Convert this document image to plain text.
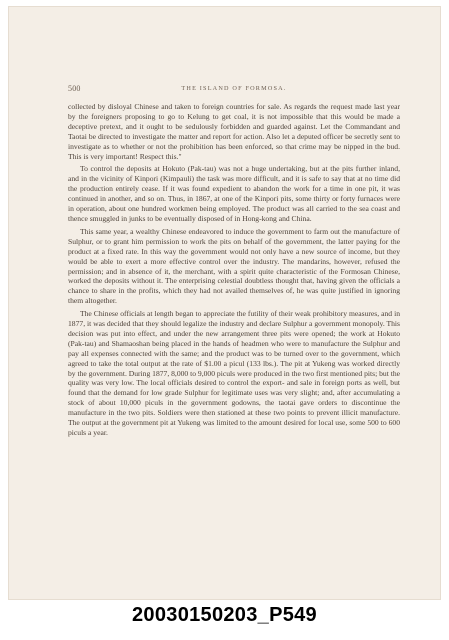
500	THE ISLAND OF FORMOSA.

collected by disloyal Chinese and taken to foreign countries for sale. As regards the request made last year by the foreigners proposing to go to Kelung to get coal, it is not impossible that this would be made a deceptive pretext, and it ought to be sedulously forbidden and guarded against. Let the Commandant and Taotai be directed to investigate the matter and report for action. Also let a deputed officer be secretly sent to investigate as to whether or not the prohibition has been enforced, so that crime may be nipped in the bud. This is very important! Respect this."

To control the deposits at Hokuto (Pak-tau) was not a huge undertaking, but at the pits further inland, and in the vicinity of Kinpori (Kimpauli) the task was more difficult, and it is safe to say that at no time did the production entirely cease. If it was found expedient to abandon the work for a time in one pit, it was continued in another, and so on. Thus, in 1867, at one of the Kinpori pits, some thirty or forty furnaces were in operation, about one hundred workmen being employed. The product was all carried to the sea coast and thence smuggled in junks to be eventually disposed of in Hong-kong and China.

This same year, a wealthy Chinese endeavored to induce the government to farm out the manufacture of Sulphur, or to grant him permission to work the pits on behalf of the government, the latter paying for the product at a fixed rate. In this way the government would not only have a new source of income, but they would be able to exert a more effective control over the industry. The mandarins, however, refused the permission; and in absence of it, the merchant, with a spirit quite characteristic of the Formosan Chinese, worked the deposits without it. The enterprising celestial doubtless thought that, having given the officials a chance to share in the profits, which they had not availed themselves of, he was quite justified in ignoring them altogether.

The Chinese officials at length began to appreciate the futility of their weak prohibitory measures, and in 1877, it was decided that they should legalize the industry and declare Sulphur a government monopoly. This decision was put into effect, and under the new arrangement three pits were opened; the work at Hokuto (Pak-tau) and Shamaoshan being placed in the hands of headmen who were to manufacture the Sulphur and pay all expenses connected with the same; and the product was to be turned over to the government, which agreed to take the total output at the rate of $1.00 a picul (133 lbs.). The pit at Yukeng was worked directly by the government. During 1877, 8,000 to 9,000 piculs were produced in the two first mentioned pits; but the quality was very low. The local officials desired to control the export- and sale in foreign ports as well, but found that the demand for low grade Sulphur for legitimate uses was very slight; and, after accumulating a stock of about 10,000 piculs in the government godowns, the taotai gave orders to discontinue the manufacture in the two pits. Soldiers were then stationed at these two points to prevent illicit manufacture. The output at the government pit at Yukeng was limited to the amount desired for local use, some 500 to 600 piculs a year.

20030150203_P549
